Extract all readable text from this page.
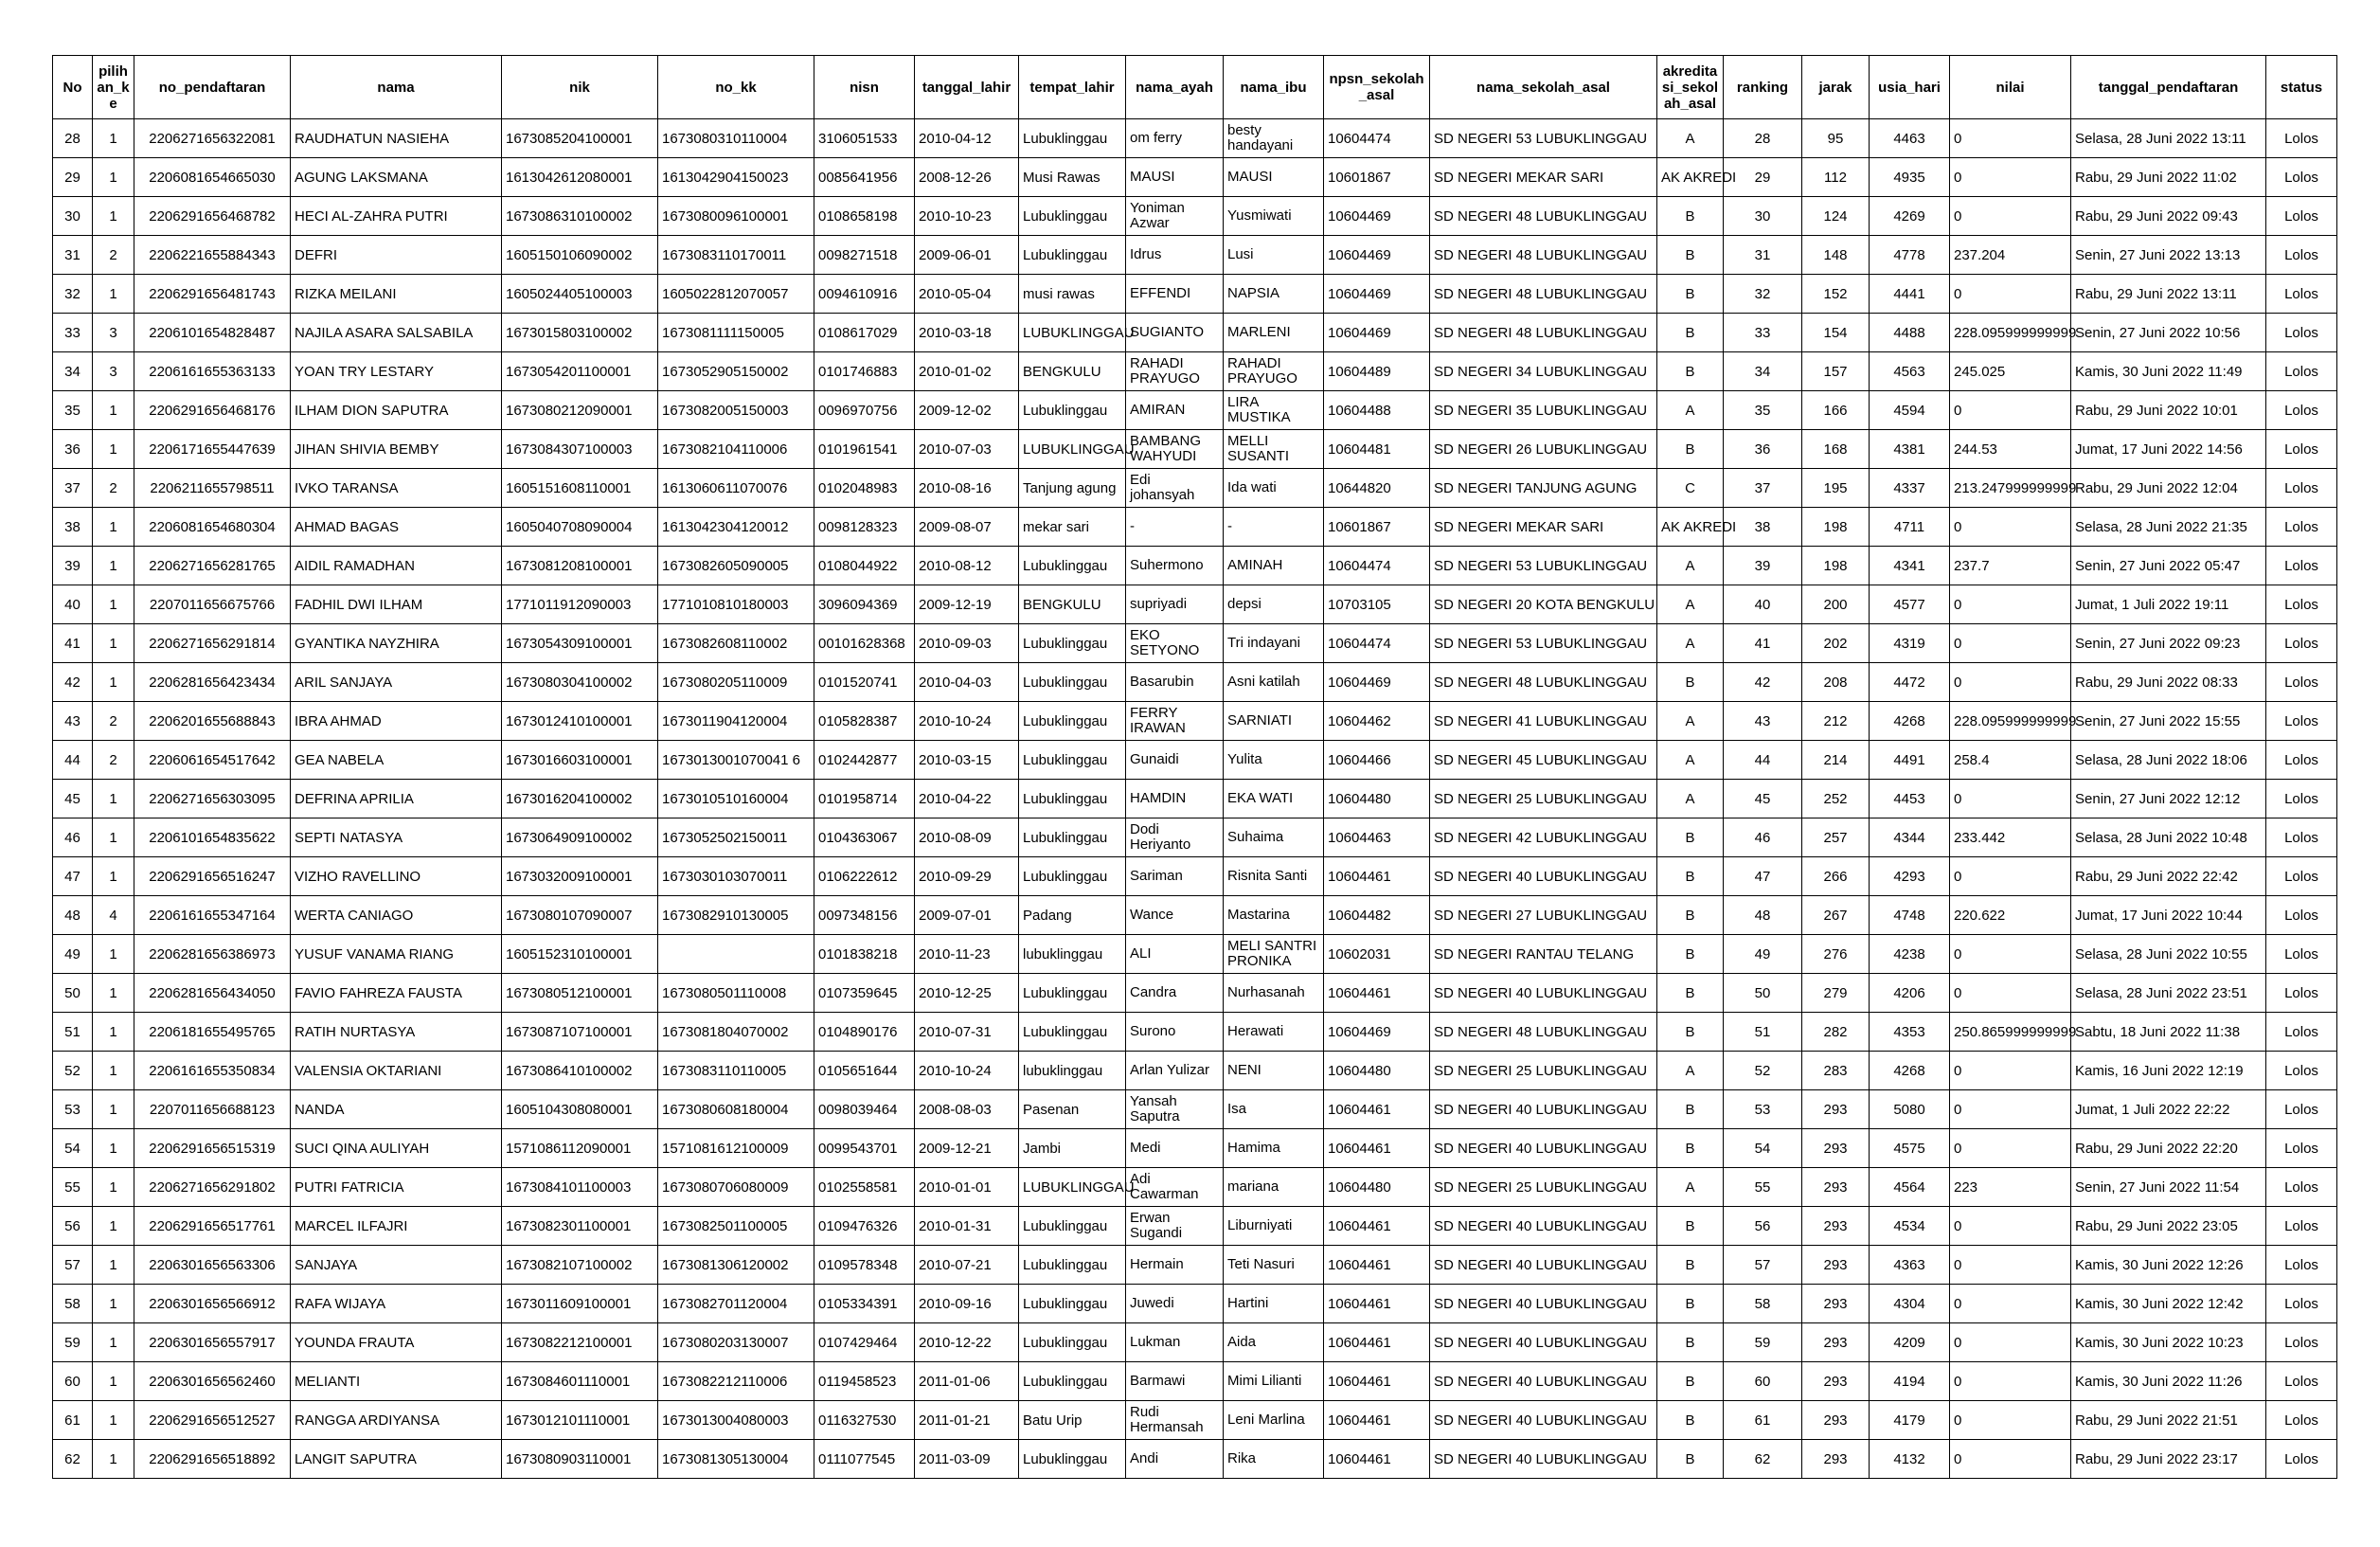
No	pilihan_ke	no_pendaftaran	nama	nik	no_kk	nisn	tanggal_lahir	tempat_lahir	nama_ayah	nama_ibu	npsn_sekolah_asal	nama_sekolah_asal	akreditasi_sekolah_asal	ranking	jarak	usia_hari	nilai	tanggal_pendaftaran	status
28	1	2206271656322081	RAUDHATUN NASIEHA	1673085204100001	1673080310110004	3106051533	2010-04-12	Lubuklinggau	om ferry	besty handayani	10604474	SD NEGERI 53 LUBUKLINGGAU	A	28	95	4463	0	Selasa, 28 Juni 2022 13:11	Lolos
29	1	2206081654665030	AGUNG LAKSMANA	1613042612080001	1613042904150023	0085641956	2008-12-26	Musi Rawas	MAUSI	MAUSI	10601867	SD NEGERI MEKAR SARI	AK AKREDI	29	112	4935	0	Rabu, 29 Juni 2022 11:02	Lolos
30	1	2206291656468782	HECI AL-ZAHRA PUTRI	1673086310100002	1673080096100001	0108658198	2010-10-23	Lubuklinggau	Yoniman Azwar	Yusmiwati	10604469	SD NEGERI 48 LUBUKLINGGAU	B	30	124	4269	0	Rabu, 29 Juni 2022 09:43	Lolos
31	2	2206221655884343	DEFRI	1605150106090002	1673083110170011	0098271518	2009-06-01	Lubuklinggau	Idrus	Lusi	10604469	SD NEGERI 48 LUBUKLINGGAU	B	31	148	4778	237.204	Senin, 27 Juni 2022 13:13	Lolos
32	1	2206291656481743	RIZKA MEILANI	1605024405100003	1605022812070057	0094610916	2010-05-04	musi rawas	EFFENDI	NAPSIA	10604469	SD NEGERI 48 LUBUKLINGGAU	B	32	152	4441	0	Rabu, 29 Juni 2022 13:11	Lolos
33	3	2206101654828487	NAJILA ASARA SALSABILA	1673015803100002	1673081111150005	0108617029	2010-03-18	LUBUKLINGGAU	SUGIANTO	MARLENI	10604469	SD NEGERI 48 LUBUKLINGGAU	B	33	154	4488	228.095999999999	Senin, 27 Juni 2022 10:56	Lolos
34	3	2206161655363133	YOAN TRY LESTARY	1673054201100001	1673052905150002	0101746883	2010-01-02	BENGKULU	RAHADI PRAYUGO	RAHADI PRAYUGO	10604489	SD NEGERI 34 LUBUKLINGGAU	B	34	157	4563	245.025	Kamis, 30 Juni 2022 11:49	Lolos
35	1	2206291656468176	ILHAM DION SAPUTRA	1673080212090001	1673082005150003	0096970756	2009-12-02	Lubuklinggau	AMIRAN	LIRA MUSTIKA	10604488	SD NEGERI 35 LUBUKLINGGAU	A	35	166	4594	0	Rabu, 29 Juni 2022 10:01	Lolos
36	1	2206171655447639	JIHAN SHIVIA BEMBY	1673084307100003	1673082104110006	0101961541	2010-07-03	LUBUKLINGGAU	BAMBANG WAHYUDI	MELLI SUSANTI	10604481	SD NEGERI 26 LUBUKLINGGAU	B	36	168	4381	244.53	Jumat, 17 Juni 2022 14:56	Lolos
37	2	2206211655798511	IVKO TARANSA	1605151608110001	1613060611070076	0102048983	2010-08-16	Tanjung agung	Edi johansyah	Ida wati	10644820	SD NEGERI TANJUNG AGUNG	C	37	195	4337	213.247999999999	Rabu, 29 Juni 2022 12:04	Lolos
38	1	2206081654680304	AHMAD BAGAS	1605040708090004	1613042304120012	0098128323	2009-08-07	mekar sari	-	-	10601867	SD NEGERI MEKAR SARI	AK AKREDI	38	198	4711	0	Selasa, 28 Juni 2022 21:35	Lolos
39	1	2206271656281765	AIDIL RAMADHAN	1673081208100001	1673082605090005	0108044922	2010-08-12	Lubuklinggau	Suhermono	AMINAH	10604474	SD NEGERI 53 LUBUKLINGGAU	A	39	198	4341	237.7	Senin, 27 Juni 2022 05:47	Lolos
40	1	2207011656675766	FADHIL DWI ILHAM	1771011912090003	1771010810180003	3096094369	2009-12-19	BENGKULU	supriyadi	depsi	10703105	SD NEGERI 20 KOTA BENGKULU	A	40	200	4577	0	Jumat, 1 Juli 2022 19:11	Lolos
41	1	2206271656291814	GYANTIKA NAYZHIRA	1673054309100001	1673082608110002	00101628368	2010-09-03	Lubuklinggau	EKO SETYONO	Tri indayani	10604474	SD NEGERI 53 LUBUKLINGGAU	A	41	202	4319	0	Senin, 27 Juni 2022 09:23	Lolos
42	1	2206281656423434	ARIL SANJAYA	1673080304100002	1673080205110009	0101520741	2010-04-03	Lubuklinggau	Basarubin	Asni katilah	10604469	SD NEGERI 48 LUBUKLINGGAU	B	42	208	4472	0	Rabu, 29 Juni 2022 08:33	Lolos
43	2	2206201655688843	IBRA AHMAD	1673012410100001	1673011904120004	0105828387	2010-10-24	Lubuklinggau	FERRY IRAWAN	SARNIATI	10604462	SD NEGERI 41 LUBUKLINGGAU	A	43	212	4268	228.095999999999	Senin, 27 Juni 2022 15:55	Lolos
44	2	2206061654517642	GEA NABELA	1673016603100001	1673013001070041 6	0102442877	2010-03-15	Lubuklinggau	Gunaidi	Yulita	10604466	SD NEGERI 45 LUBUKLINGGAU	A	44	214	4491	258.4	Selasa, 28 Juni 2022 18:06	Lolos
45	1	2206271656303095	DEFRINA APRILIA	1673016204100002	1673010510160004	0101958714	2010-04-22	Lubuklinggau	HAMDIN	EKA WATI	10604480	SD NEGERI 25 LUBUKLINGGAU	A	45	252	4453	0	Senin, 27 Juni 2022 12:12	Lolos
46	1	2206101654835622	SEPTI NATASYA	1673064909100002	1673052502150011	0104363067	2010-08-09	Lubuklinggau	Dodi Heriyanto	Suhaima	10604463	SD NEGERI 42 LUBUKLINGGAU	B	46	257	4344	233.442	Selasa, 28 Juni 2022 10:48	Lolos
47	1	2206291656516247	VIZHO RAVELLINO	1673032009100001	1673030103070011	0106222612	2010-09-29	Lubuklinggau	Sariman	Risnita Santi	10604461	SD NEGERI 40 LUBUKLINGGAU	B	47	266	4293	0	Rabu, 29 Juni 2022 22:42	Lolos
48	4	2206161655347164	WERTA CANIAGO	1673080107090007	1673082910130005	0097348156	2009-07-01	Padang	Wance	Mastarina	10604482	SD NEGERI 27 LUBUKLINGGAU	B	48	267	4748	220.622	Jumat, 17 Juni 2022 10:44	Lolos
49	1	2206281656386973	YUSUF VANAMA RIANG	1605152310100001		0101838218	2010-11-23	lubuklinggau	ALI	MELI SANTRI PRONIKA	10602031	SD NEGERI RANTAU TELANG	B	49	276	4238	0	Selasa, 28 Juni 2022 10:55	Lolos
50	1	2206281656434050	FAVIO FAHREZA FAUSTA	1673080512100001	1673080501110008	0107359645	2010-12-25	Lubuklinggau	Candra	Nurhasanah	10604461	SD NEGERI 40 LUBUKLINGGAU	B	50	279	4206	0	Selasa, 28 Juni 2022 23:51	Lolos
51	1	2206181655495765	RATIH NURTASYA	1673087107100001	1673081804070002	0104890176	2010-07-31	Lubuklinggau	Surono	Herawati	10604469	SD NEGERI 48 LUBUKLINGGAU	B	51	282	4353	250.865999999999	Sabtu, 18 Juni 2022 11:38	Lolos
52	1	2206161655350834	VALENSIA OKTARIANI	1673086410100002	1673083110110005	0105651644	2010-10-24	lubuklinggau	Arlan Yulizar	NENI	10604480	SD NEGERI 25 LUBUKLINGGAU	A	52	283	4268	0	Kamis, 16 Juni 2022 12:19	Lolos
53	1	2207011656688123	NANDA	1605104308080001	1673080608180004	0098039464	2008-08-03	Pasenan	Yansah Saputra	Isa	10604461	SD NEGERI 40 LUBUKLINGGAU	B	53	293	5080	0	Jumat, 1 Juli 2022 22:22	Lolos
54	1	2206291656515319	SUCI QINA AULIYAH	1571086112090001	1571081612100009	0099543701	2009-12-21	Jambi	Medi	Hamima	10604461	SD NEGERI 40 LUBUKLINGGAU	B	54	293	4575	0	Rabu, 29 Juni 2022 22:20	Lolos
55	1	2206271656291802	PUTRI FATRICIA	1673084101100003	1673080706080009	0102558581	2010-01-01	LUBUKLINGGAU	Adi Cawarman	mariana	10604480	SD NEGERI 25 LUBUKLINGGAU	A	55	293	4564	223	Senin, 27 Juni 2022 11:54	Lolos
56	1	2206291656517761	MARCEL ILFAJRI	1673082301100001	1673082501100005	0109476326	2010-01-31	Lubuklinggau	Erwan Sugandi	Liburniyati	10604461	SD NEGERI 40 LUBUKLINGGAU	B	56	293	4534	0	Rabu, 29 Juni 2022 23:05	Lolos
57	1	2206301656563306	SANJAYA	1673082107100002	1673081306120002	0109578348	2010-07-21	Lubuklinggau	Hermain	Teti Nasuri	10604461	SD NEGERI 40 LUBUKLINGGAU	B	57	293	4363	0	Kamis, 30 Juni 2022 12:26	Lolos
58	1	2206301656566912	RAFA WIJAYA	1673011609100001	1673082701120004	0105334391	2010-09-16	Lubuklinggau	Juwedi	Hartini	10604461	SD NEGERI 40 LUBUKLINGGAU	B	58	293	4304	0	Kamis, 30 Juni 2022 12:42	Lolos
59	1	2206301656557917	YOUNDA FRAUTA	1673082212100001	1673080203130007	0107429464	2010-12-22	Lubuklinggau	Lukman	Aida	10604461	SD NEGERI 40 LUBUKLINGGAU	B	59	293	4209	0	Kamis, 30 Juni 2022 10:23	Lolos
60	1	2206301656562460	MELIANTI	1673084601110001	1673082212110006	0119458523	2011-01-06	Lubuklinggau	Barmawi	Mimi Lilianti	10604461	SD NEGERI 40 LUBUKLINGGAU	B	60	293	4194	0	Kamis, 30 Juni 2022 11:26	Lolos
61	1	2206291656512527	RANGGA ARDIYANSA	1673012101110001	1673013004080003	0116327530	2011-01-21	Batu Urip	Rudi Hermansah	Leni Marlina	10604461	SD NEGERI 40 LUBUKLINGGAU	B	61	293	4179	0	Rabu, 29 Juni 2022 21:51	Lolos
62	1	2206291656518892	LANGIT SAPUTRA	1673080903110001	1673081305130004	0111077545	2011-03-09	Lubuklinggau	Andi	Rika	10604461	SD NEGERI 40 LUBUKLINGGAU	B	62	293	4132	0	Rabu, 29 Juni 2022 23:17	Lolos
